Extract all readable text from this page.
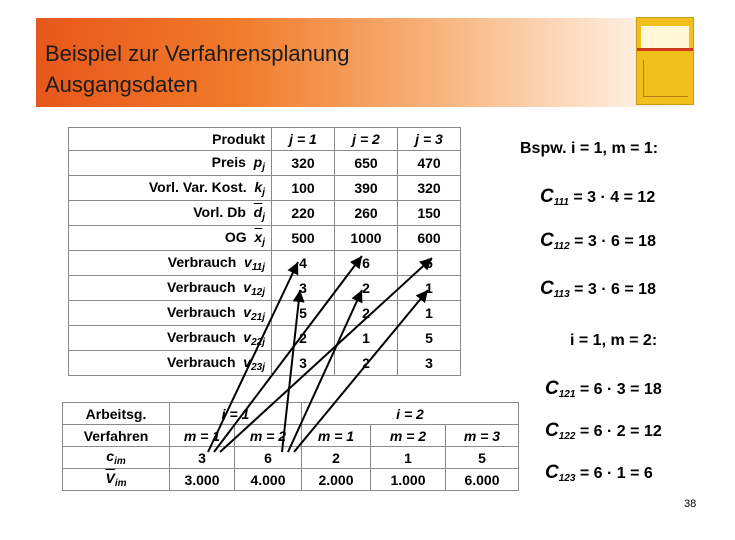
Beispiel zur Verfahrensplanung
Ausgangsdaten
Produkt	j = 1	j = 2	j = 3
Preis $p_j$	320	650	470
Vorl. Var. Kost. $k_j$	100	390	320
Vorl. Db $\overline{d}_j$	220	260	150
OG $\overline{x}_j$	500	1000	600
Verbrauch $v_{11j}$	4	6	6
Verbrauch $v_{12j}$	3	2	1
Verbrauch $v_{21j}$	5	2	1
Verbrauch $v_{22j}$	2	1	5
Verbrauch $v_{23j}$	3	2	3
Arbeitsg.	i = 1		i = 2		
Verfahren	m = 1	m = 2	m = 1	m = 2	m = 3
$c_{im}$	3	6	2	1	5
$\overline{V}_{im}$	3.000	4.000	2.000	1.000	6.000
Bspw. i = 1, m = 1:
$C_{111} = 3 \cdot 4 = 12$
$C_{112} = 3 \cdot 6 = 18$
$C_{113} = 3 \cdot 6 = 18$
i = 1, m = 2:
$C_{121} = 6 \cdot 3 = 18$
$C_{122} = 6 \cdot 2 = 12$
$C_{123} = 6 \cdot 1 = 6$
38
